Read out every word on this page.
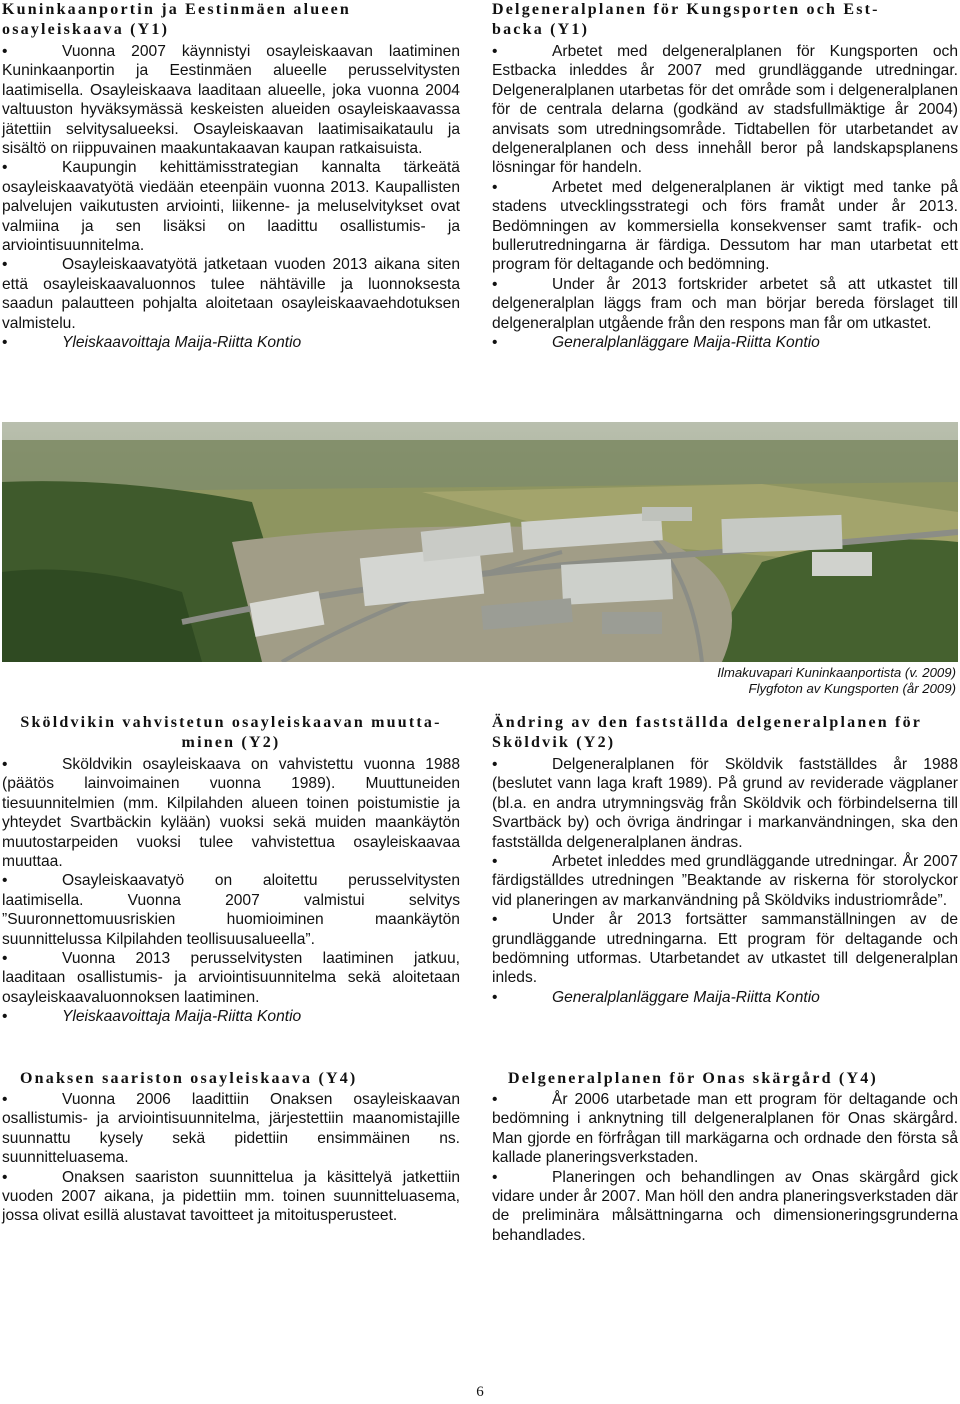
Kuninkaanportin ja Eestinmäen alueen
osayleiskaava (Y1)

•	Vuonna 2007 käynnistyi osayleiskaavan laatiminen Kuninkaanportin ja Eestinmäen alueelle perusselvitysten laatimisella. Osayleiskaava laaditaan alueelle, joka vuonna 2004 valtuuston hyväksymässä keskeisten alueiden osayleiskaavassa jätettiin selvitysalueeksi. Osayleiskaavan laatimisaikataulu ja sisältö on riippuvainen maakuntakaavan kaupan ratkaisuista.

•	Kaupungin kehittämisstrategian kannalta tärkeätä osayleiskaavatyötä viedään eteenpäin vuonna 2013. Kaupallisten palvelujen vaikutusten arviointi, liikenne- ja meluselvitykset ovat valmiina ja sen lisäksi on laadittu osallistumis- ja arviointisuunnitelma.

•	Osayleiskaavatyötä jatketaan vuoden 2013 aikana siten että osayleiskaavaluonnos tulee nähtäville ja luonnoksesta saadun palautteen pohjalta aloitetaan osayleiskaavaehdotuksen valmistelu.

•	Yleiskaavoittaja Maija-Riitta Kontio

Delgeneralplanen för Kungsporten och Est-
backa (Y1)

•	Arbetet med delgeneralplanen för Kungsporten och Estbacka inleddes år 2007 med grundläggande utredningar. Delgeneralplanen utarbetas för det område som i delgeneralplanen för de centrala delarna (godkänd av stadsfullmäktige år 2004) anvisats som utredningsområde. Tidtabellen för utarbetandet av delgeneralplanen och dess innehåll beror på landskapsplanens lösningar för handeln.

•	Arbetet med delgeneralplanen är viktigt med tanke på stadens utvecklingsstrategi och förs framåt under år 2013. Bedömningen av kommersiella konsekvenser samt trafik- och bullerutredningarna är färdiga. Dessutom har man utarbetat ett program för deltagande och bedömning.

•	Under år 2013 fortskrider arbetet så att utkastet till delgeneralplan läggs fram och man börjar bereda förslaget till delgeneralplan utgående från den respons man får om utkastet.

•	Generalplanläggare Maija-Riitta Kontio

Ilmakuvapari Kuninkaanportista (v. 2009)
Flygfoton av Kungsporten (år 2009)
Sköldvikin vahvistetun osayleiskaavan muutta-
minen (Y2)

•	Sköldvikin osayleiskaava on vahvistettu vuonna 1988 (päätös lainvoimainen vuonna 1989). Muuttuneiden tiesuunnitelmien (mm. Kilpilahden alueen toinen poistumistie ja yhteydet Svartbäckin kylään) vuoksi sekä muiden maankäytön muutostarpeiden vuoksi tulee vahvistettua osayleiskaavaa muuttaa.

•	Osayleiskaavatyö on aloitettu perusselvitysten laatimisella. Vuonna 2007 valmistui selvitys ”Suuronnettomuusriskien huomioiminen maankäytön suunnittelussa Kilpilahden teollisuusalueella”.

•	Vuonna 2013 perusselvitysten laatiminen jatkuu, laaditaan osallistumis- ja arviointisuunnitelma sekä aloitetaan osayleiskaavaluonnoksen laatiminen.

•	Yleiskaavoittaja Maija-Riitta Kontio

Ändring av den fastställda delgeneralplanen för
Sköldvik (Y2)

•	Delgeneralplanen för Sköldvik fastställdes år 1988 (beslutet vann laga kraft 1989). På grund av reviderade vägplaner (bl.a. en andra utrymningsväg från Sköldvik och förbindelserna till Svartbäck by) och övriga ändringar i markanvändningen, ska den fastställda delgeneralplanen ändras.

•	Arbetet inleddes med grundläggande utredningar. År 2007 färdigställdes utredningen ”Beaktande av riskerna för storolyckor vid planeringen av markanvändning på Sköldviks industriområde”.

•	Under år 2013 fortsätter sammanställningen av de grundläggande utredningarna. Ett program för deltagande och bedömning utformas. Utarbetandet av utkastet till delgeneralplan inleds.

•	Generalplanläggare Maija-Riitta Kontio

Onaksen saariston osayleiskaava (Y4)

•	Vuonna 2006 laadittiin Onaksen osayleiskaavan osallistumis- ja arviointisuunnitelma, järjestettiin maanomistajille suunnattu kysely sekä pidettiin ensimmäinen ns. suunnitteluasema.

•	Onaksen saariston suunnittelua ja käsittelyä jatkettiin vuoden 2007 aikana, ja pidettiin mm. toinen suunnitteluasema, jossa olivat esillä alustavat tavoitteet ja mitoitusperusteet.

Delgeneralplanen för Onas skärgård (Y4)

•	År 2006 utarbetade man ett program för deltagande och bedömning i anknytning till delgeneralplanen för Onas skärgård. Man gjorde en förfrågan till markägarna och ordnade den första så kallade planeringsverkstaden.

•	Planeringen och behandlingen av Onas skärgård gick vidare under år 2007. Man höll den andra planeringsverkstaden där de preliminära målsättningarna och dimensioneringsgrunderna behandlades.

6
